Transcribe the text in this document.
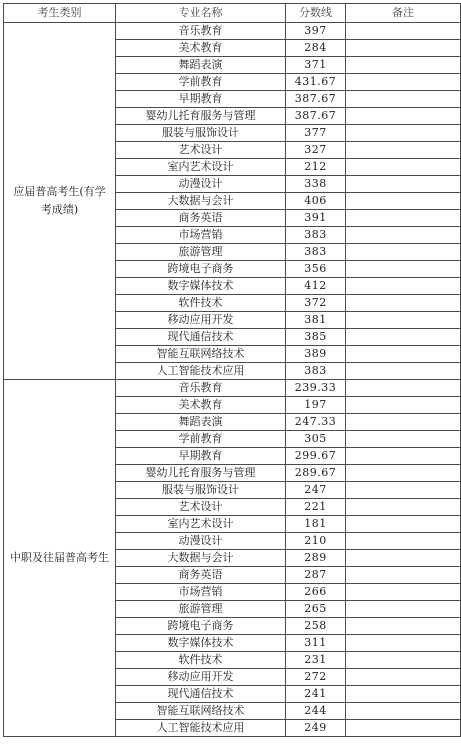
考生类别	专业名称	分数线	备注
应届普高考生(有学考成绩)	音乐教育	397	
	美术教育	284	
	舞蹈表演	371	
	学前教育	431.67	
	早期教育	387.67	
	婴幼儿托育服务与管理	387.67	
	服装与服饰设计	377	
	艺术设计	327	
	室内艺术设计	212	
	动漫设计	338	
	大数据与会计	406	
	商务英语	391	
	市场营销	383	
	旅游管理	383	
	跨境电子商务	356	
	数字媒体技术	412	
	软件技术	372	
	移动应用开发	381	
	现代通信技术	385	
	智能互联网络技术	389	
	人工智能技术应用	383	
中职及往届普高考生	音乐教育	239.33	
	美术教育	197	
	舞蹈表演	247.33	
	学前教育	305	
	早期教育	299.67	
	婴幼儿托育服务与管理	289.67	
	服装与服饰设计	247	
	艺术设计	221	
	室内艺术设计	181	
	动漫设计	210	
	大数据与会计	289	
	商务英语	287	
	市场营销	266	
	旅游管理	265	
	跨境电子商务	258	
	数字媒体技术	311	
	软件技术	231	
	移动应用开发	272	
	现代通信技术	241	
	智能互联网络技术	244	
	人工智能技术应用	249	
